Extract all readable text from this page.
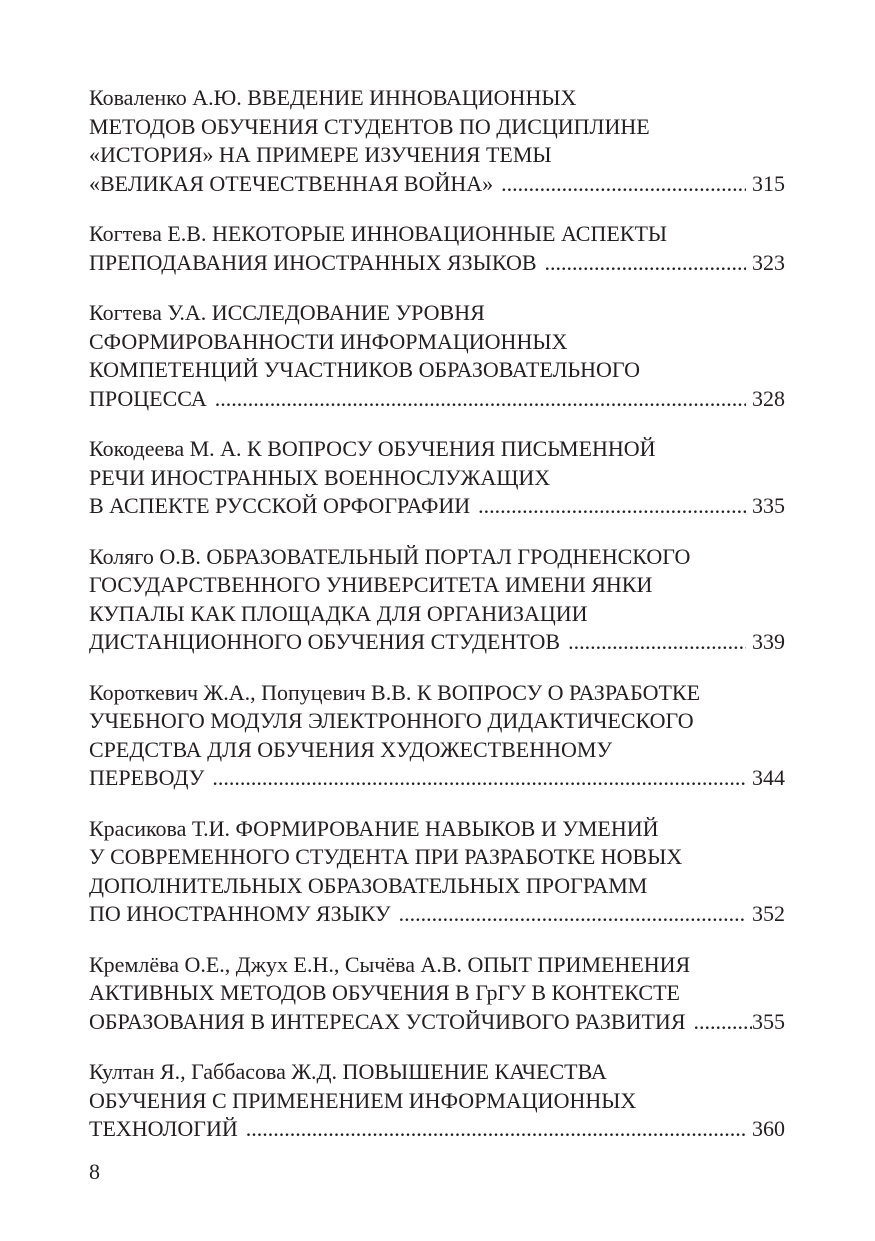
Коваленко А.Ю. ВВЕДЕНИЕ ИННОВАЦИОННЫХ
МЕТОДОВ ОБУЧЕНИЯ СТУДЕНТОВ ПО ДИСЦИПЛИНЕ
«ИСТОРИЯ» НА ПРИМЕРЕ ИЗУЧЕНИЯ ТЕМЫ
«ВЕЛИКАЯ ОТЕЧЕСТВЕННАЯ ВОЙНА» .....	315
Когтева Е.В. НЕКОТОРЫЕ ИННОВАЦИОННЫЕ АСПЕКТЫ
ПРЕПОДАВАНИЯ ИНОСТРАННЫХ ЯЗЫКОВ .....	323
Когтева У.А. ИССЛЕДОВАНИЕ УРОВНЯ
СФОРМИРОВАННОСТИ ИНФОРМАЦИОННЫХ
КОМПЕТЕНЦИЙ УЧАСТНИКОВ ОБРАЗОВАТЕЛЬНОГО
ПРОЦЕССА .....	328
Кокодеева М. А. К ВОПРОСУ ОБУЧЕНИЯ ПИСЬМЕННОЙ
РЕЧИ ИНОСТРАННЫХ ВОЕННОСЛУЖАЩИХ
В АСПЕКТЕ РУССКОЙ ОРФОГРАФИИ .....	335
Коляго О.В. ОБРАЗОВАТЕЛЬНЫЙ ПОРТАЛ ГРОДНЕНСКОГО
ГОСУДАРСТВЕННОГО УНИВЕРСИТЕТА ИМЕНИ ЯНКИ
КУПАЛЫ КАК ПЛОЩАДКА ДЛЯ ОРГАНИЗАЦИИ
ДИСТАНЦИОННОГО ОБУЧЕНИЯ СТУДЕНТОВ .....	339
Короткевич Ж.А., Попуцевич В.В. К ВОПРОСУ О РАЗРАБОТКЕ
УЧЕБНОГО МОДУЛЯ ЭЛЕКТРОННОГО ДИДАКТИЧЕСКОГО
СРЕДСТВА ДЛЯ ОБУЧЕНИЯ ХУДОЖЕСТВЕННОМУ
ПЕРЕВОДУ .....	344
Красикова Т.И. ФОРМИРОВАНИЕ НАВЫКОВ И УМЕНИЙ
У СОВРЕМЕННОГО СТУДЕНТА ПРИ РАЗРАБОТКЕ НОВЫХ
ДОПОЛНИТЕЛЬНЫХ ОБРАЗОВАТЕЛЬНЫХ ПРОГРАММ
ПО ИНОСТРАННОМУ ЯЗЫКУ .....	352
Кремлёва О.Е., Джух Е.Н., Сычёва А.В. ОПЫТ ПРИМЕНЕНИЯ
АКТИВНЫХ МЕТОДОВ ОБУЧЕНИЯ В ГрГУ В КОНТЕКСТЕ
ОБРАЗОВАНИЯ В ИНТЕРЕСАХ УСТОЙЧИВОГО РАЗВИТИЯ .....	355
Култан Я., Габбасова Ж.Д. ПОВЫШЕНИЕ КАЧЕСТВА
ОБУЧЕНИЯ С ПРИМЕНЕНИЕМ ИНФОРМАЦИОННЫХ
ТЕХНОЛОГИЙ .....	360
8
